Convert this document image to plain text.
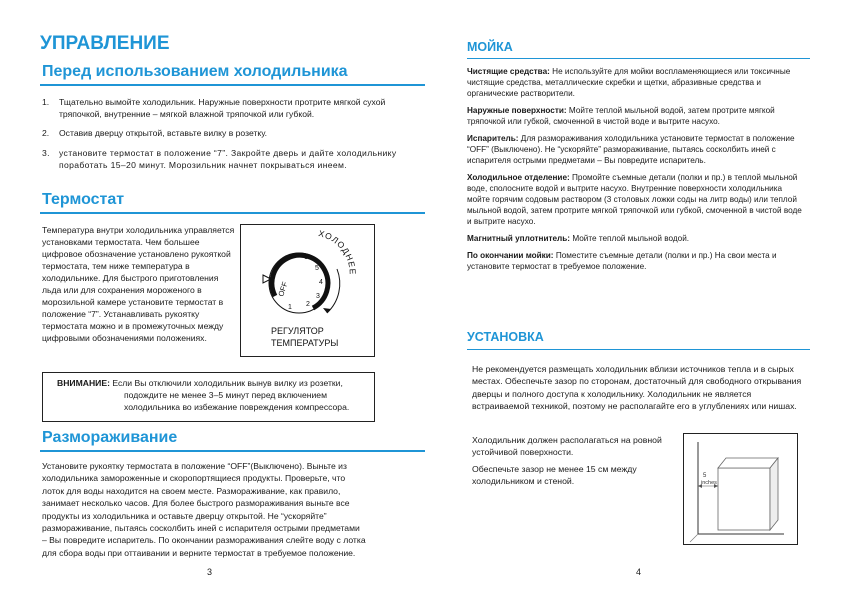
УПРАВЛЕНИЕ
Перед использованием холодильника
1. Тщательно вымойте холодильник. Наружные поверхности протрите мягкой сухой тряпочкой, внутренние – мягкой влажной тряпочкой или губкой.
2. Оставив дверцу открытой, вставьте вилку в розетку.
3. установите термостат в положение “7”. Закройте дверь и дайте холодильнику поработать 15–20 минут. Морозильник начнет покрываться инеем.
Термостат
Температура внутри холодильника управляется установками термостата. Чем большее цифровое обозначение установлено рукояткой термостата, тем ниже температура в холодильнике. Для быстрого приготовления льда или для сохранения мороженого в морозильной камере установите термостат в положение “7”. Устанавливать рукоятку термостата можно и в промежуточных между цифровыми обозначениями положениях.
ХОЛОДНЕЕ
OFF
1 2
3
4
5
6
7
РЕГУЛЯТОР
ТЕМПЕРАТУРЫ
ВНИМАНИЕ: Если Вы отключили холодильник вынув вилку из розетки,
подождите не менее 3–5 минут перед включением
холодильника во избежание повреждения компрессора.
Размораживание
Установите рукоятку термостата в положение “OFF”(Выключено). Выньте из
холодильника замороженные и скоропортящиеся продукты. Проверьте, что
лоток для воды находится на своем месте. Размораживание, как правило,
занимает несколько часов. Для более быстрого размораживания выньте все
продукты из холодильника и оставьте дверцу открытой. Не “ускоряйте”
размораживание, пытаясь сосколбить иней с испарителя острыми предметами
– Вы повредите испаритель. По окончании размораживания слейте воду с лотка
для сбора воды при оттаивании и верните термостат в требуемое положение.
3
МОЙКА
Чистящие средства: Не используйте для мойки воспламеняющиеся или токсичные чистящие средства, металлические скребки и щетки, абразивные средства и органические растворители.
Наружные поверхности: Мойте теплой мыльной водой, затем протрите мягкой тряпочкой или губкой, смоченной в чистой воде и вытрите насухо.
Испаритель: Для размораживания холодильника установите термостат в положение “OFF” (Выключено). Не “ускоряйте” размораживание, пытаясь сосколбить иней с испарителя острыми предметами – Вы повредите испаритель.
Холодильное отделение: Промойте съемные детали (полки и пр.) в теплой мыльной воде, сполосните водой и вытрите насухо. Внутренние поверхности холодильника мойте горячим содовым раствором (3 столовых ложки соды на литр воды) или теплой мыльной водой, затем протрите мягкой тряпочкой или губкой, смоченной в чистой воде и вытрите насухо.
Магнитный уплотнитель: Мойте теплой мыльной водой.
По окончании мойки: Поместите съемные детали (полки и пр.) На свои места и установите термостат в требуемое положение.
УСТАНОВКА
Не рекомендуется размещать холодильник вблизи источников тепла и в сырых местах. Обеспечьте зазор по сторонам, достаточный для свободного открывания дверцы и полного доступа к холодильнику. Холодильник не является встраиваемой техникой, поэтому не располагайте его в углублениях или нишах.
Холодильник должен располагаться на ровной устойчивой поверхности.
Обеспечьте зазор не менее 15 см между холодильником и стеной.
5
inches
4
